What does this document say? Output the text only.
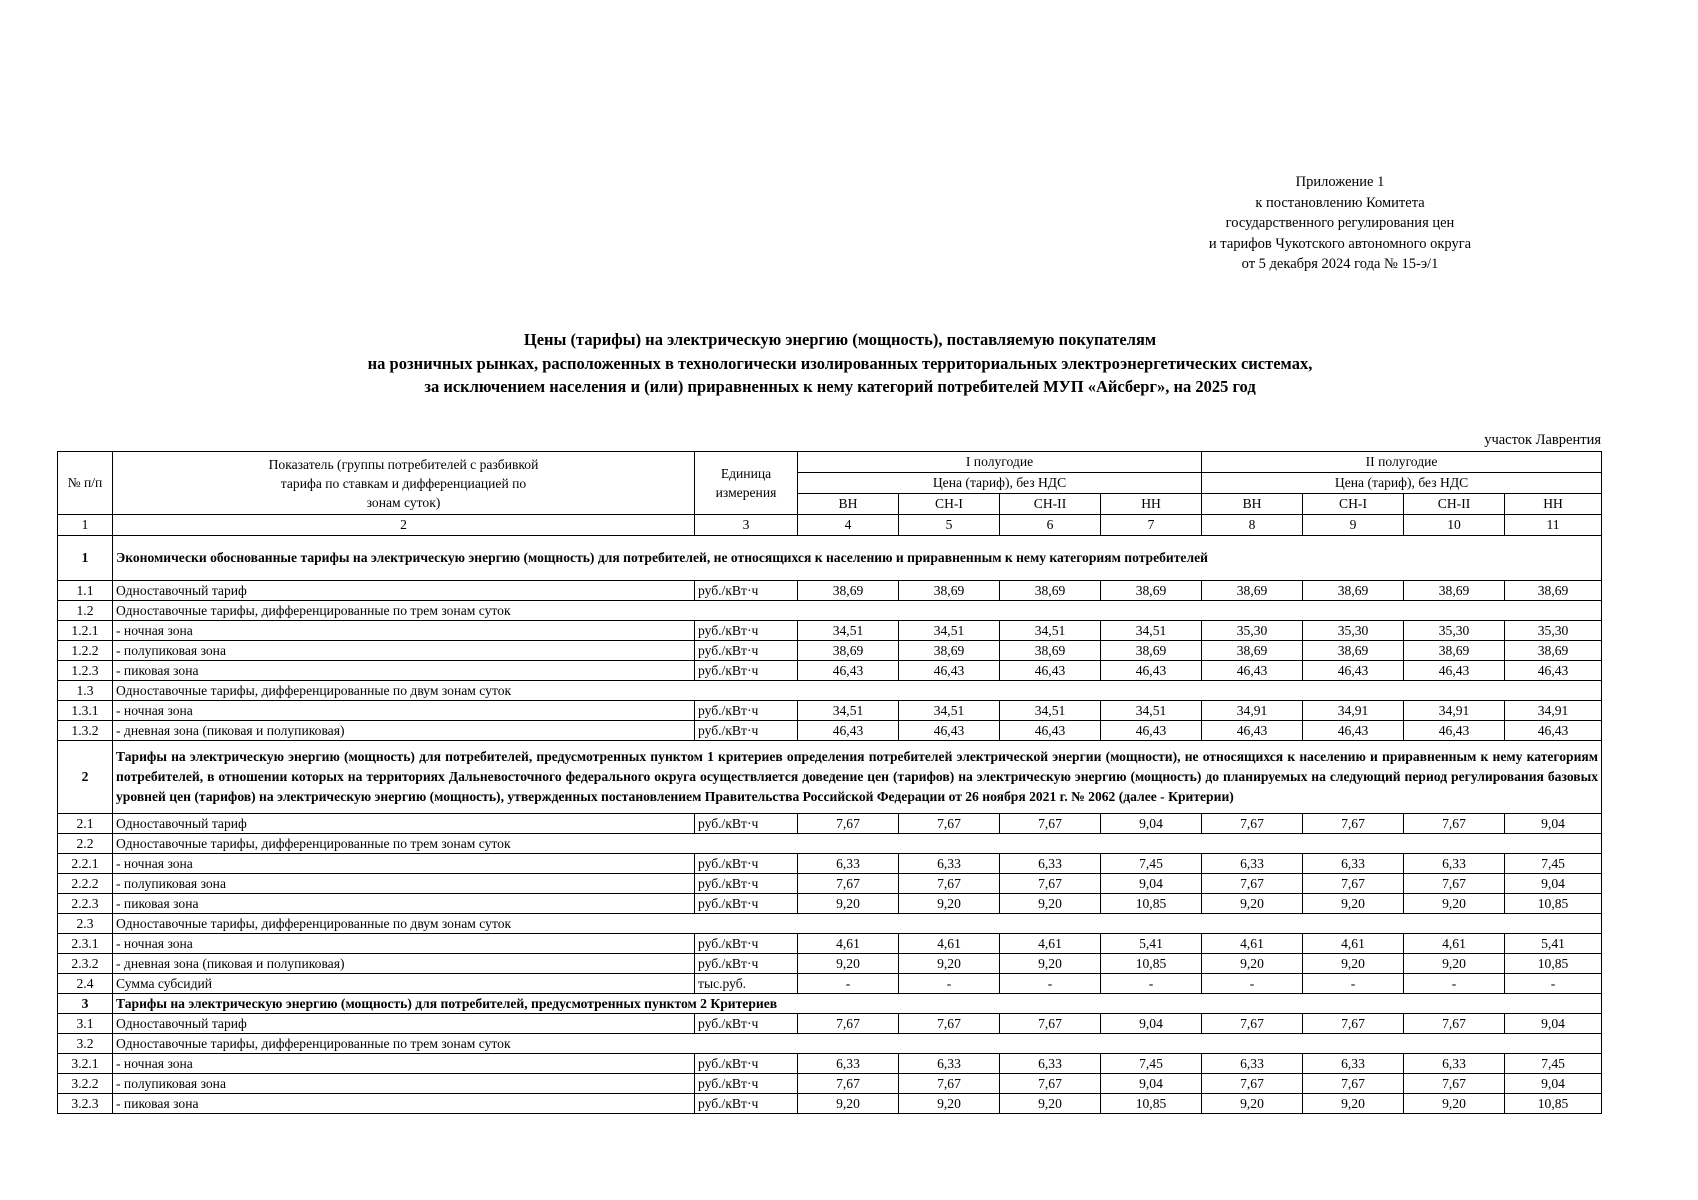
Приложение 1
к постановлению Комитета
государственного регулирования цен
и тарифов Чукотского автономного округа
от 5 декабря 2024 года № 15-э/1
Цены (тарифы) на электрическую энергию (мощность), поставляемую покупателям
на розничных рынках, расположенных в технологически изолированных территориальных электроэнергетических системах,
за исключением населения и (или) приравненных к нему категорий потребителей МУП «Айсберг», на 2025 год
участок Лаврентия
№ п/п	Показатель (группы потребителей с разбивкой тарифа по ставкам и дифференциацией по зонам суток)	Единица измерения	I полугодие				II полугодие			
			Цена (тариф), без НДС				Цена (тариф), без НДС			
			ВН	СН-I	СН-II	НН	ВН	СН-I	СН-II	НН
1	2	3	4	5	6	7	8	9	10	11
1	Экономически обоснованные тарифы на электрическую энергию (мощность) для потребителей, не относящихся к населению и приравненным к нему категориям потребителей									
1.1	Одноставочный тариф	руб./кВт·ч	38,69	38,69	38,69	38,69	38,69	38,69	38,69	38,69
1.2	Одноставочные тарифы, дифференцированные по трем зонам суток									
1.2.1	- ночная зона	руб./кВт·ч	34,51	34,51	34,51	34,51	35,30	35,30	35,30	35,30
1.2.2	- полупиковая зона	руб./кВт·ч	38,69	38,69	38,69	38,69	38,69	38,69	38,69	38,69
1.2.3	- пиковая зона	руб./кВт·ч	46,43	46,43	46,43	46,43	46,43	46,43	46,43	46,43
1.3	Одноставочные тарифы, дифференцированные по двум зонам суток									
1.3.1	- ночная зона	руб./кВт·ч	34,51	34,51	34,51	34,51	34,91	34,91	34,91	34,91
1.3.2	- дневная зона (пиковая и полупиковая)	руб./кВт·ч	46,43	46,43	46,43	46,43	46,43	46,43	46,43	46,43
2	Тарифы на электрическую энергию (мощность) для потребителей, предусмотренных пунктом 1 критериев определения потребителей электрической энергии (мощности), не относящихся к населению и приравненным к нему категориям потребителей, в отношении которых на территориях Дальневосточного федерального округа осуществляется доведение цен (тарифов) на электрическую энергию (мощность) до планируемых на следующий период регулирования базовых уровней цен (тарифов) на электрическую энергию (мощность), утвержденных постановлением Правительства Российской Федерации от 26 ноября 2021 г. № 2062 (далее - Критерии)									
2.1	Одноставочный тариф	руб./кВт·ч	7,67	7,67	7,67	9,04	7,67	7,67	7,67	9,04
2.2	Одноставочные тарифы, дифференцированные по трем зонам суток									
2.2.1	- ночная зона	руб./кВт·ч	6,33	6,33	6,33	7,45	6,33	6,33	6,33	7,45
2.2.2	- полупиковая зона	руб./кВт·ч	7,67	7,67	7,67	9,04	7,67	7,67	7,67	9,04
2.2.3	- пиковая зона	руб./кВт·ч	9,20	9,20	9,20	10,85	9,20	9,20	9,20	10,85
2.3	Одноставочные тарифы, дифференцированные по двум зонам суток									
2.3.1	- ночная зона	руб./кВт·ч	4,61	4,61	4,61	5,41	4,61	4,61	4,61	5,41
2.3.2	- дневная зона (пиковая и полупиковая)	руб./кВт·ч	9,20	9,20	9,20	10,85	9,20	9,20	9,20	10,85
2.4	Сумма субсидий	тыс.руб.	-	-	-	-	-	-	-	-
3	Тарифы на электрическую энергию (мощность) для потребителей, предусмотренных пунктом 2 Критериев									
3.1	Одноставочный тариф	руб./кВт·ч	7,67	7,67	7,67	9,04	7,67	7,67	7,67	9,04
3.2	Одноставочные тарифы, дифференцированные по трем зонам суток									
3.2.1	- ночная зона	руб./кВт·ч	6,33	6,33	6,33	7,45	6,33	6,33	6,33	7,45
3.2.2	- полупиковая зона	руб./кВт·ч	7,67	7,67	7,67	9,04	7,67	7,67	7,67	9,04
3.2.3	- пиковая зона	руб./кВт·ч	9,20	9,20	9,20	10,85	9,20	9,20	9,20	10,85
